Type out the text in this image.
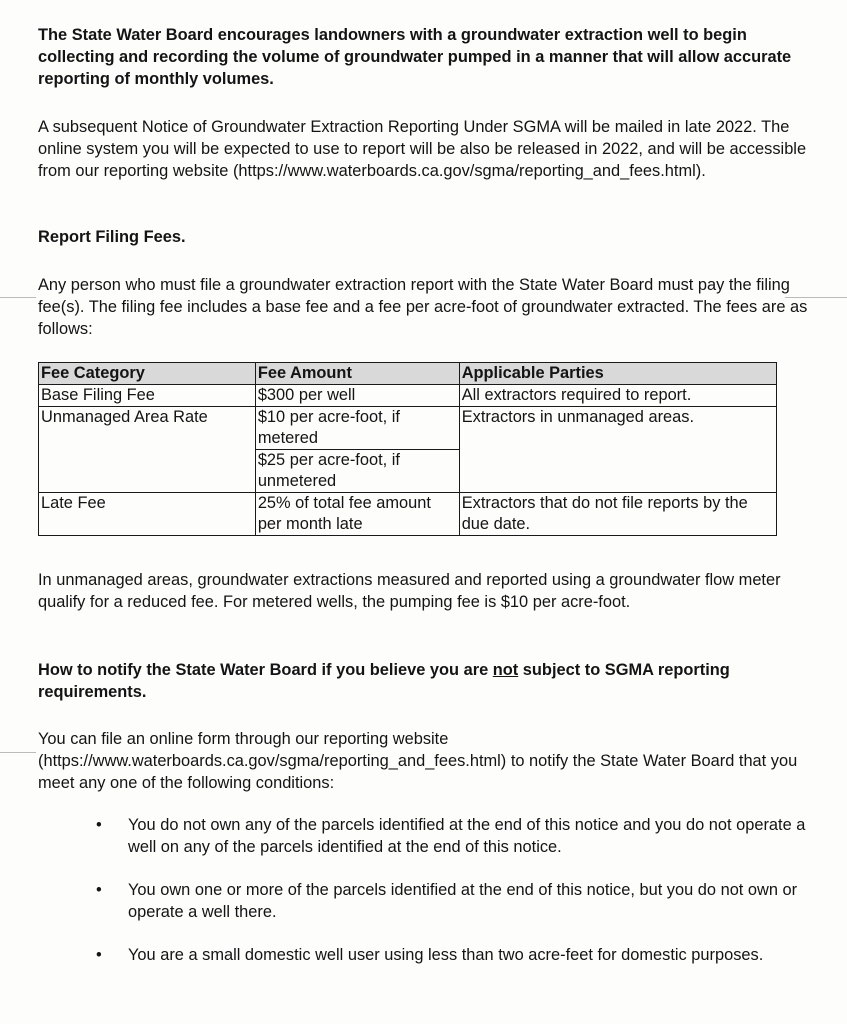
The State Water Board encourages landowners with a groundwater extraction well to begin collecting and recording the volume of groundwater pumped in a manner that will allow accurate reporting of monthly volumes.

A subsequent Notice of Groundwater Extraction Reporting Under SGMA will be mailed in late 2022. The online system you will be expected to use to report will be also be released in 2022, and will be accessible from our reporting website (https://www.waterboards.ca.gov/sgma/reporting_and_fees.html).

Report Filing Fees.

Any person who must file a groundwater extraction report with the State Water Board must pay the filing fee(s). The filing fee includes a base fee and a fee per acre-foot of groundwater extracted. The fees are as follows:

Fee Category	Fee Amount	Applicable Parties
Base Filing Fee	$300 per well	All extractors required to report.
Unmanaged Area Rate	$10 per acre-foot, if metered	Extractors in unmanaged areas.
	$25 per acre-foot, if unmetered	
Late Fee	25% of total fee amount per month late	Extractors that do not file reports by the due date.

In unmanaged areas, groundwater extractions measured and reported using a groundwater flow meter qualify for a reduced fee. For metered wells, the pumping fee is $10 per acre-foot.

How to notify the State Water Board if you believe you are not subject to SGMA reporting requirements.

You can file an online form through our reporting website (https://www.waterboards.ca.gov/sgma/reporting_and_fees.html) to notify the State Water Board that you meet any one of the following conditions:

• You do not own any of the parcels identified at the end of this notice and you do not operate a well on any of the parcels identified at the end of this notice.
• You own one or more of the parcels identified at the end of this notice, but you do not own or operate a well there.
• You are a small domestic well user using less than two acre-feet for domestic purposes.
